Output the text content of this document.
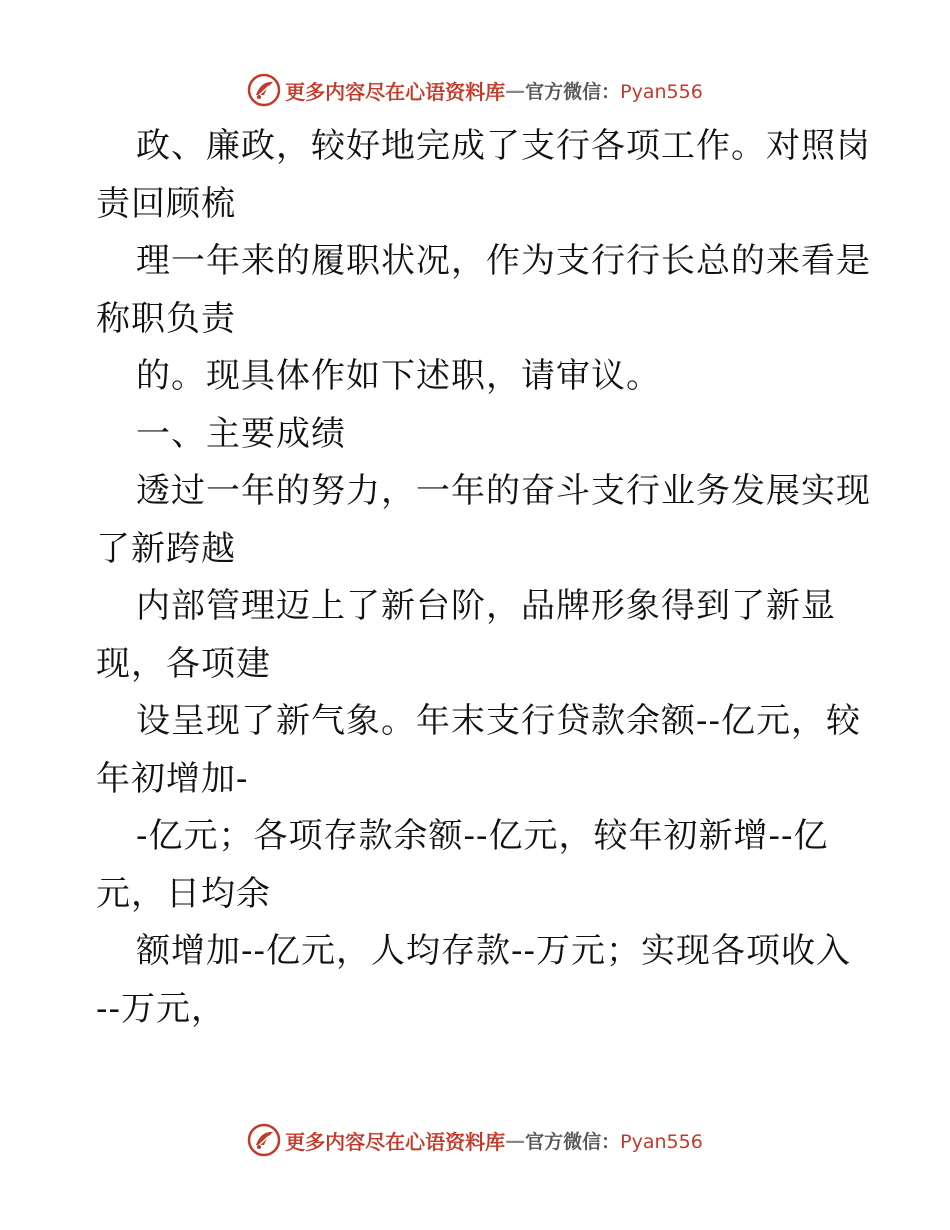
更多内容尽在心语资料库 — 官方微信：Pyan556
政、廉政，较好地完成了支行各项工作。对照岗
责回顾梳
理一年来的履职状况，作为支行行长总的来看是
称职负责
的。现具体作如下述职，请审议。
一、主要成绩
透过一年的努力，一年的奋斗支行业务发展实现
了新跨越
内部管理迈上了新台阶，品牌形象得到了新显
现，各项建
设呈现了新气象。年末支行贷款余额--亿元，较
年初增加-
-亿元；各项存款余额--亿元，较年初新增--亿
元，日均余
额增加--亿元，人均存款--万元；实现各项收入
--万元，
更多内容尽在心语资料库 — 官方微信：Pyan556
